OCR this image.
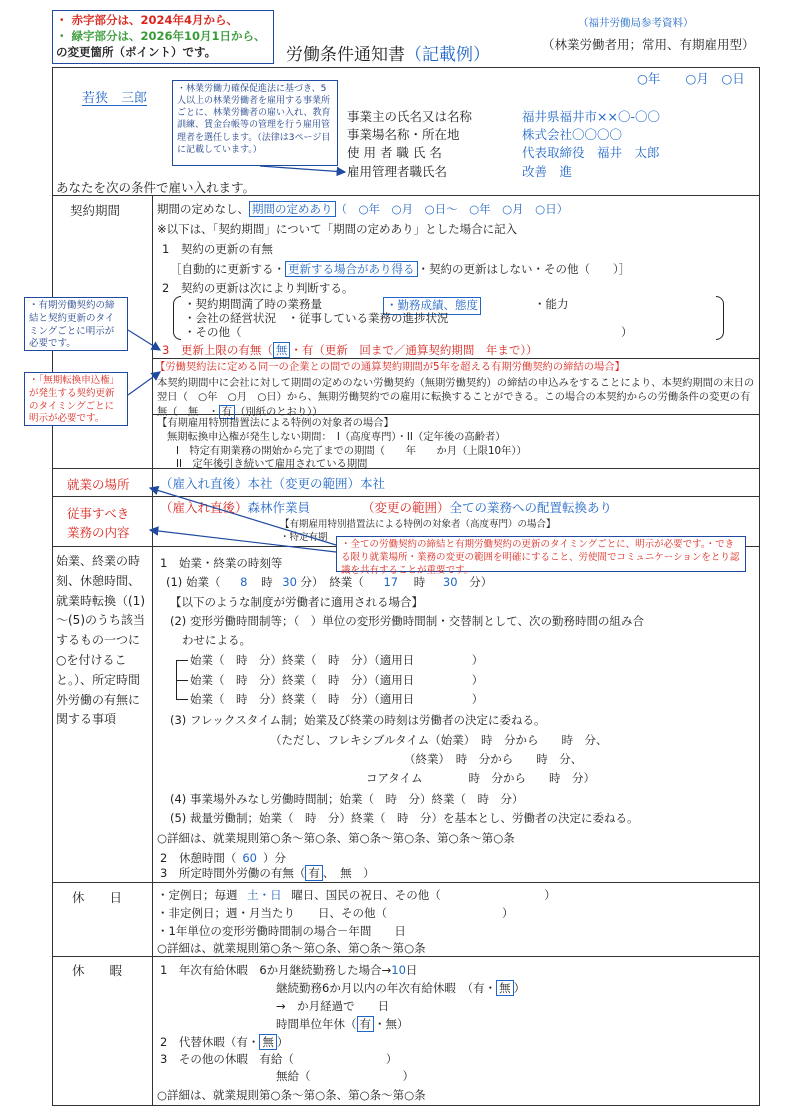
・ 赤字部分は、2024年4月から、
・ 緑字部分は、2026年10月1日から、
の変更箇所（ポイント）です。
（福井労働局参考資料）
労働条件通知書（記載例）
（林業労働者用；常用、有期雇用型）
○年　　○月　○日
若狭　三郎
・林業労働力確保促進法に基づき、5人以上の林業労働者を雇用する事業所ごとに、林業労働者の雇い入れ、教育訓練、賃金台帳等の管理を行う雇用管理者を選任します。（法律は3ページ目に記載しています。）
事業主の氏名又は名称	福井県福井市××〇-〇〇
事業場名称・所在地	株式会社〇〇〇〇
使 用 者 職 氏 名	代表取締役　福井　太郎
雇用管理者職氏名	改善　進
あなたを次の条件で雇い入れます。
契約期間	期間の定めなし、 期間の定めあり （　○年　○月　○日～　○年　○月　○日）
※以下は、「契約期間」について「期間の定めあり」とした場合に記入
1　契約の更新の有無
［自動的に更新する・ 更新する場合があり得る ・契約の更新はしない・その他（　　）］
2　契約の更新は次により判断する。
・契約期間満了時の業務量	・勤務成績、態度	・能力
・会社の経営状況　・従事している業務の進捗状況
・その他（	）
3　更新上限の有無（ 無 ・有（更新　回まで／通算契約期間　年まで））
【労働契約法に定める同一の企業との間での通算契約期間が5年を超える有期労働契約の締結の場合】
本契約期間中に会社に対して期間の定めのない労働契約（無期労働契約）の締結の申込みをすることにより、本契約期間の末日の翌日（　○年　○月　○日）から、無期労働契約での雇用に転換することができる。この場合の本契約からの労働条件の変更の有無（　無　・ 有 （別紙のとおり））
【有期雇用特別措置法による特例の対象者の場合】
無期転換申込権が発生しない期間：　I（高度専門）・II（定年後の高齢者）
I　特定有期業務の開始から完了までの期間（　　年　　か月（上限10年））
II　定年後引き続いて雇用されている期間
・有期労働契約の締結と契約更新のタイミングごとに明示が必要です。
・「無期転換申込権」が発生する契約更新のタイミングごとに明示が必要です。
就業の場所 （雇入れ直後）本社（変更の範囲）本社
従事すべき業務の内容
（雇入れ直後）森林作業員	（変更の範囲）全ての業務への配置転換あり
【有期雇用特別措置法による特例の対象者（高度専門）の場合】
・特定有期
・全ての労働契約の締結と有期労働契約の更新のタイミングごとに、明示が必要です。・できる限り就業場所・業務の変更の範囲を明確にすること、労使間でコミュニケーションをとり認識を共有することが重要です。
始業、終業の時刻、休憩時間、就業時転換（(1)～(5)のうち該当するもの一つに○を付けること。）、所定時間外労働の有無に関する事項
1　始業・終業の時刻等
(1) 始業（ 8 時 30 分）　終業（ 17 時 30 分）
【以下のような制度が労働者に適用される場合】
(2) 変形労働時間制等；（　）単位の変形労働時間制・交替制として、次の勤務時間の組み合
わせによる。
始業（　時　分）終業（　時　分）（適用日　　　　　）
始業（　時　分）終業（　時　分）（適用日　　　　　）
始業（　時　分）終業（　時　分）（適用日　　　　　）
(3) フレックスタイム制；始業及び終業の時刻は労働者の決定に委ねる。
（ただし、フレキシブルタイム（始業）　時　分から　　時　分、
（終業）　時　分から　　時　分、
コアタイム　　　　時　分から　　時　分）
(4) 事業場外みなし労働時間制；始業（　時　分）終業（　時　分）
(5) 裁量労働制；始業（　時　分）終業（　時　分）を基本とし、労働者の決定に委ねる。
○詳細は、就業規則第○条～第○条、第○条～第○条、第○条～第○条
2　休憩時間（ 60 ）分
3　所定時間外労働の有無（ 有 、　無　）
休　　日	・定例日；毎週 土・日 曜日、国民の祝日、その他（　　　　　　　　　）
・非定例日；週・月当たり　　日、その他（　　　　　　　　　　）
・1年単位の変形労働時間制の場合－年間　　日
○詳細は、就業規則第○条～第○条、第○条～第○条
休　　暇	1　年次有給休暇　6か月継続勤務した場合→10日
継続勤務6か月以内の年次有給休暇　（有・ 無 ）
→　か月経過で　　日
時間単位年休（ 有 ・無）
2　代替休暇（有・ 無 ）
3　その他の休暇　有給（　　　　　　　　）
無給（　　　　　　　　）
○詳細は、就業規則第○条～第○条、第○条～第○条
